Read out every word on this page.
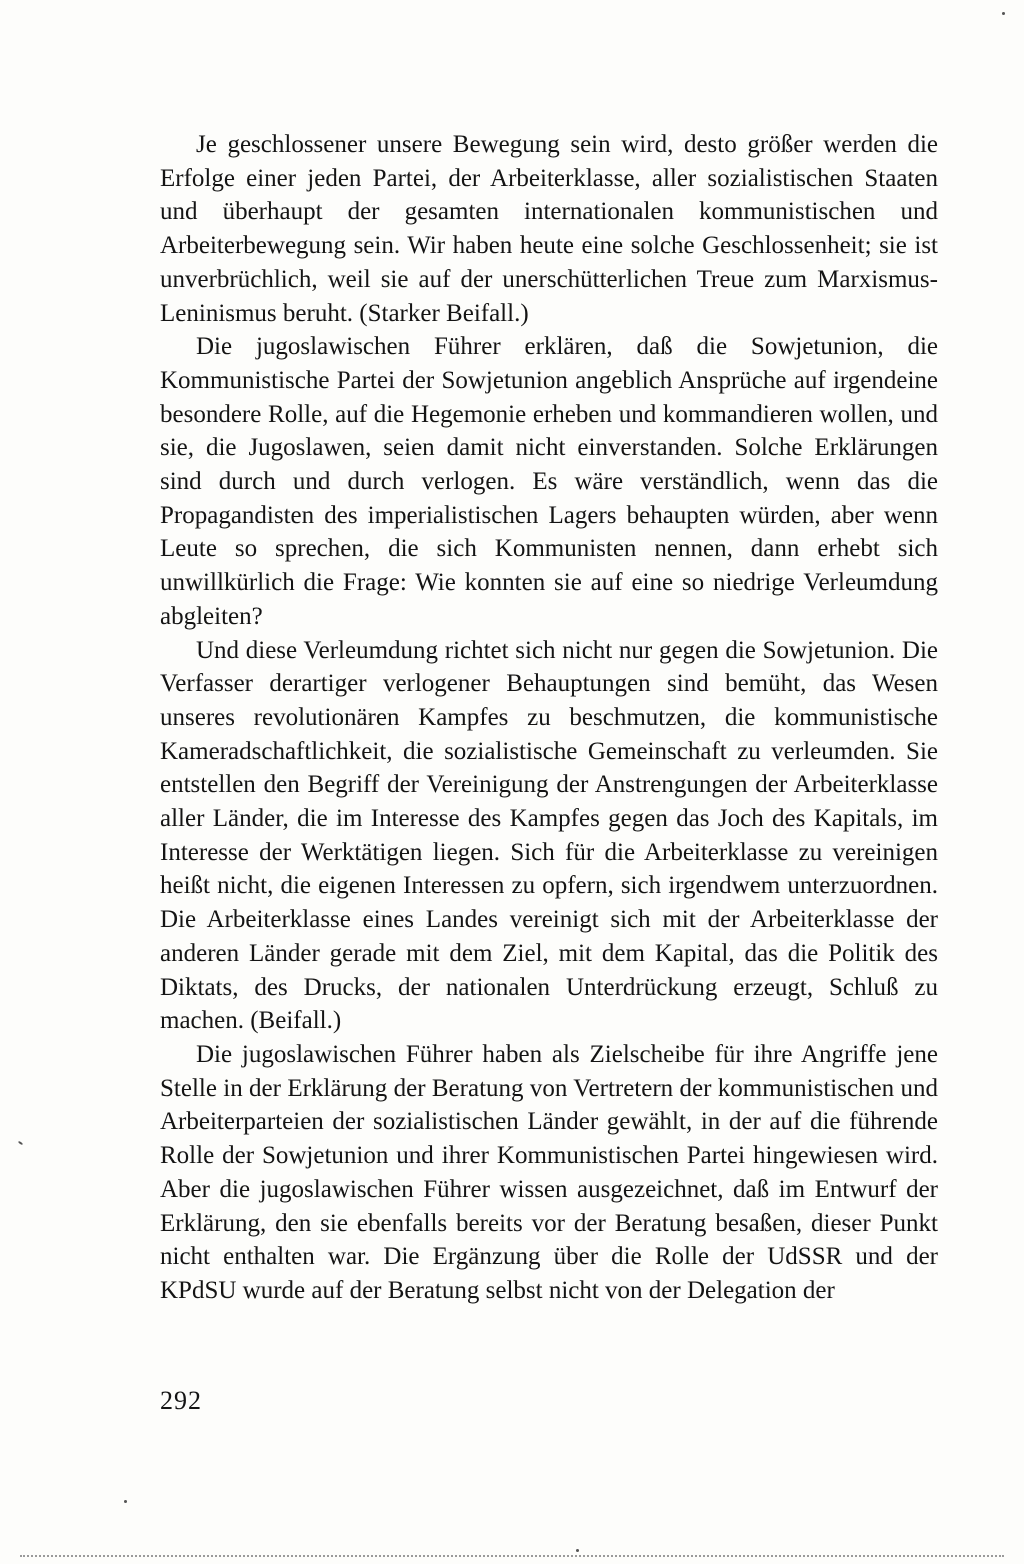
Je geschlossener unsere Bewegung sein wird, desto größer werden die Erfolge einer jeden Partei, der Arbeiterklasse, aller sozialistischen Staaten und überhaupt der gesamten internationalen kommunistischen und Arbeiterbewegung sein. Wir haben heute eine solche Geschlossenheit; sie ist unverbrüchlich, weil sie auf der unerschütterlichen Treue zum Marxismus-Leninismus beruht. (Starker Beifall.)

Die jugoslawischen Führer erklären, daß die Sowjetunion, die Kommunistische Partei der Sowjetunion angeblich Ansprüche auf irgendeine besondere Rolle, auf die Hegemonie erheben und kommandieren wollen, und sie, die Jugoslawen, seien damit nicht einverstanden. Solche Erklärungen sind durch und durch verlogen. Es wäre verständlich, wenn das die Propagandisten des imperialistischen Lagers behaupten würden, aber wenn Leute so sprechen, die sich Kommunisten nennen, dann erhebt sich unwillkürlich die Frage: Wie konnten sie auf eine so niedrige Verleumdung abgleiten?

Und diese Verleumdung richtet sich nicht nur gegen die Sowjetunion. Die Verfasser derartiger verlogener Behauptungen sind bemüht, das Wesen unseres revolutionären Kampfes zu beschmutzen, die kommunistische Kameradschaftlichkeit, die sozialistische Gemeinschaft zu verleumden. Sie entstellen den Begriff der Vereinigung der Anstrengungen der Arbeiterklasse aller Länder, die im Interesse des Kampfes gegen das Joch des Kapitals, im Interesse der Werktätigen liegen. Sich für die Arbeiterklasse zu vereinigen heißt nicht, die eigenen Interessen zu opfern, sich irgendwem unterzuordnen. Die Arbeiterklasse eines Landes vereinigt sich mit der Arbeiterklasse der anderen Länder gerade mit dem Ziel, mit dem Kapital, das die Politik des Diktats, des Drucks, der nationalen Unterdrückung erzeugt, Schluß zu machen. (Beifall.)

Die jugoslawischen Führer haben als Zielscheibe für ihre Angriffe jene Stelle in der Erklärung der Beratung von Vertretern der kommunistischen und Arbeiterparteien der sozialistischen Länder gewählt, in der auf die führende Rolle der Sowjetunion und ihrer Kommunistischen Partei hingewiesen wird. Aber die jugoslawischen Führer wissen ausgezeichnet, daß im Entwurf der Erklärung, den sie ebenfalls bereits vor der Beratung besaßen, dieser Punkt nicht enthalten war. Die Ergänzung über die Rolle der UdSSR und der KPdSU wurde auf der Beratung selbst nicht von der Delegation der

292
